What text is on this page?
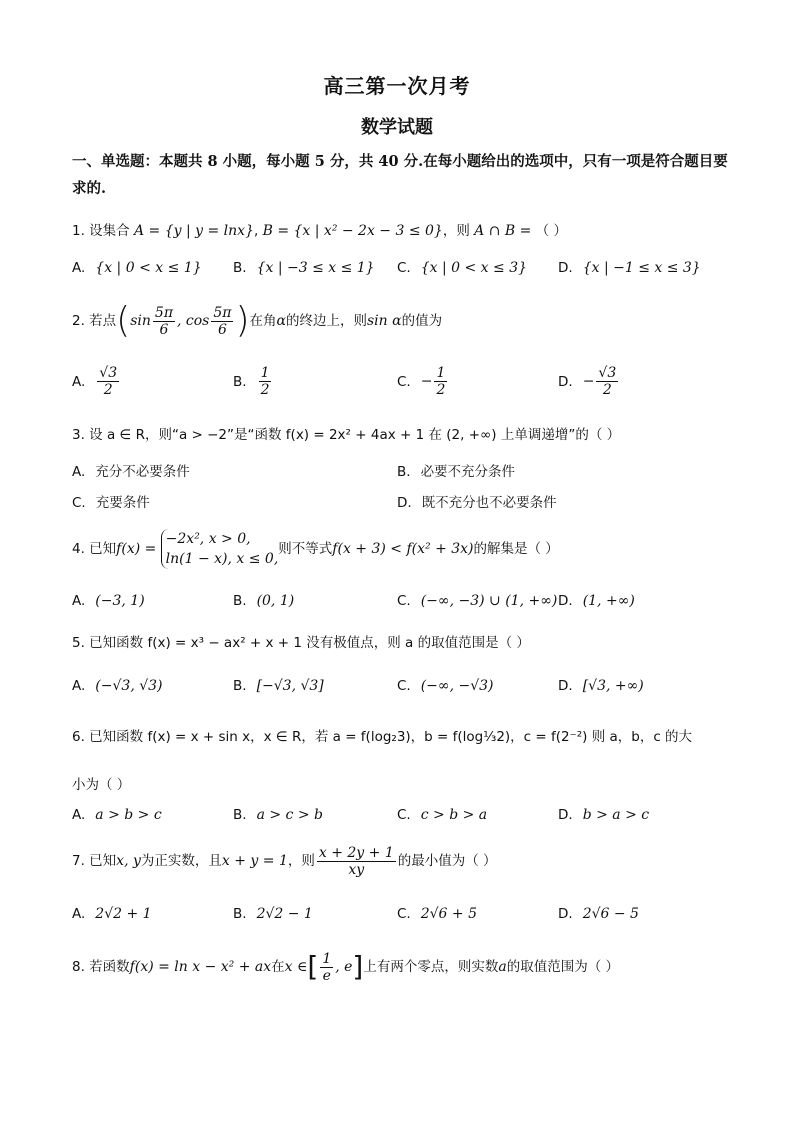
高三第一次月考
数学试题
一、单选题：本题共 8 小题，每小题 5 分，共 40 分.在每小题给出的选项中，只有一项是符合题目要求的.
1. 设集合 A = {y | y = lnx}, B = {x | x² − 2x − 3 ≤ 0}，则 A ∩ B = （ ）
A. {x | 0 < x ≤ 1} B. {x | −3 ≤ x ≤ 1} C. {x | 0 < x ≤ 3} D. {x | −1 ≤ x ≤ 3}
2. 若点($\sin \frac{5\pi}{6}$ , $\cos \frac{5\pi}{6}$ )在角α的终边上，则sin α的值为
A. $\frac{√3}{2}$	B. $\frac{1}{2}$	C. − $\frac{1}{2}$	D. − $\frac{√3}{2}$
3. 设 a ∈ R，则“a > −2”是“函数 f(x) = 2x² + 4ax + 1 在 (2, +∞) 上单调递增”的（ ）
A. 充分不必要条件	B. 必要不充分条件
C. 充要条件	D. 既不充分也不必要条件
4. 已知f(x) =
−2x², x > 0,
ln(1 − x), x ≤ 0,
则不等式f(x + 3) < f(x² + 3x)的解集是（ ）
A. (−3, 1)	B. (0, 1)	C. (−∞, −3) ∪ (1, +∞) D. (1, +∞)
5. 已知函数 f(x) = x³ − ax² + x + 1 没有极值点，则 a 的取值范围是（ ）
A. (−√3, √3)	B. [−√3, √3]	C. (−∞, −√3)	D. [√3, +∞)
6. 已知函数 f(x) = x + sin x，x ∈ R，若 a = f(log₂3)，b = f(log⅓2)，c = f(2⁻²) 则 a，b，c 的大
小为（ ）
A. a > b > c	B. a > c > b	C. c > b > a	D. b > a > c
7. 已知x, y为正实数，且x + y = 1，则 $\frac{x + 2y + 1}{xy}$ 的最小值为（ ）
A. 2√2 + 1	B. 2√2 − 1	C. 2√6 + 5	D. 2√6 − 5
8. 若函数f(x) = ln x − x² + ax在x ∈[ $\frac{1}{e}$ , e]上有两个零点，则实数a的取值范围为（ ）
